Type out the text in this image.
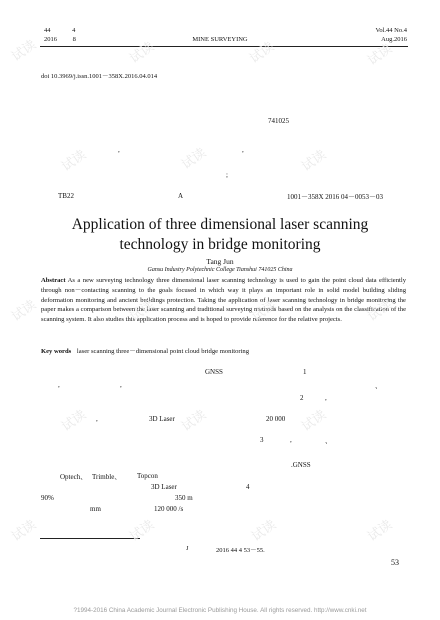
44	4
2016 8	MINE SURVEYING
Vol.44 No.4
Aug.2016
doi 10.3969/j.issn.1001－358X.2016.04.014
741025
,	,
;
TB22	A	1001－358X 2016 04－0053－03
Application of three dimensional laser scanning
technology in bridge monitoring
Tang Jun
Gansu Industry Polytechnic College Tianshui 741025 China
Abstract As a new surveying technology three dimensional laser scanning technology is used to gain the point cloud data efficiently through non－contacting scanning to the goals focused in which way it plays an important role in solid model building sliding deformation monitoring and ancient buildings protection. Taking the application of laser scanning technology in bridge monitoring the paper makes a comparison between the laser scanning and traditional surveying methods based on the analysis on the classification of the scanning system. It also studies this application process and is hoped to provide reference for the relative projects.
Key words laser scanning three－dimensional point cloud bridge monitoring
GNSS	1
,	,	、
2	,
,	3D Laser	20 000
3	,	、
.GNSS
Optech、 Trimble、 Topcon
3D Laser	4
90%	350 m
mm	120 000 /s
J	2016 44 4 53－55.
53
试读	试读	试读	试读
试读	试读	试读
试读	试读	试读	试读
试读	试读	试读
试读	试读	试读	试读
?1994-2016 China Academic Journal Electronic Publishing House. All rights reserved. http://www.cnki.net
